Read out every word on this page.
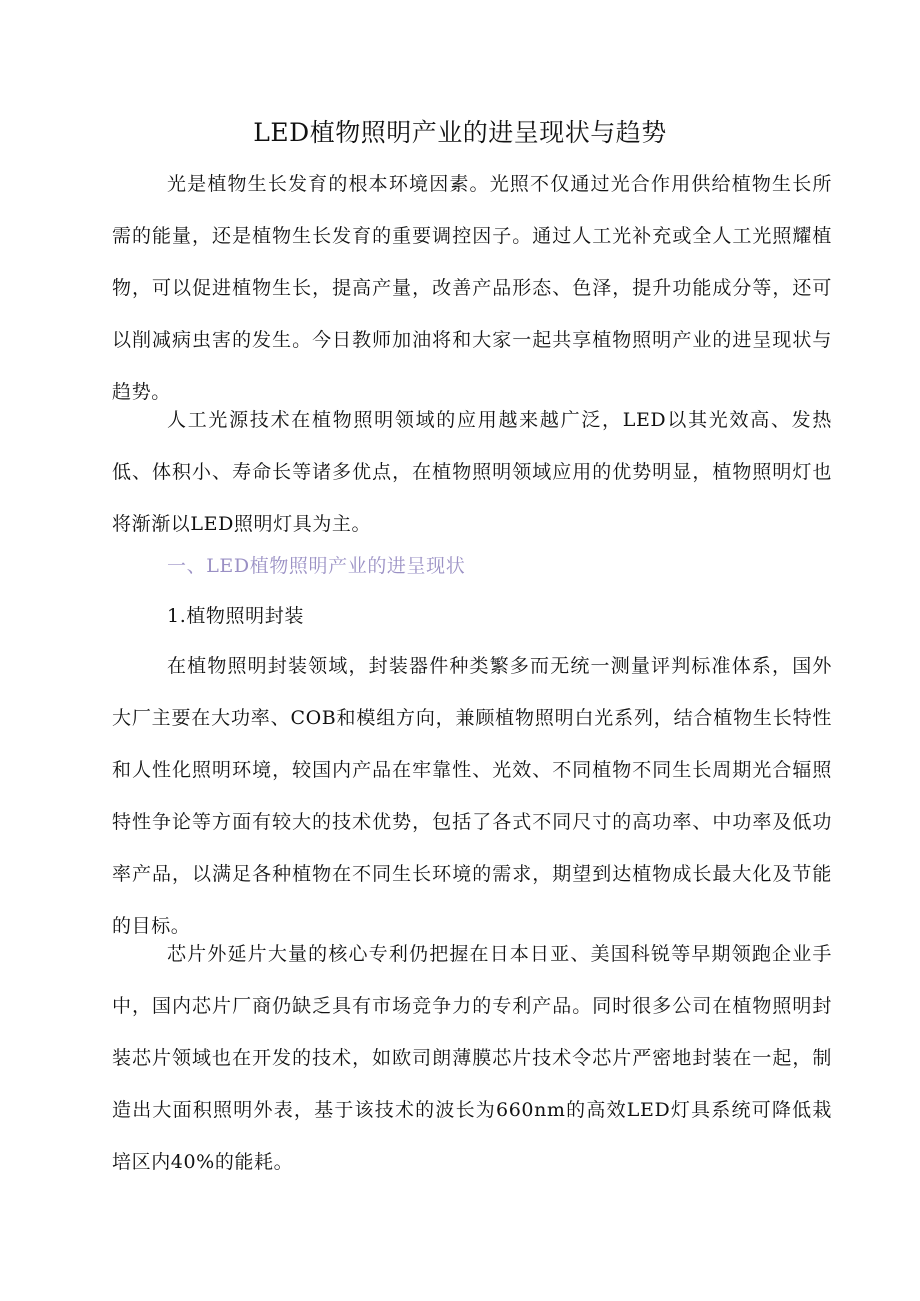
LED植物照明产业的进呈现状与趋势

光是植物生长发育的根本环境因素。光照不仅通过光合作用供给植物生长所需的能量，还是植物生长发育的重要调控因子。通过人工光补充或全人工光照耀植物，可以促进植物生长，提高产量，改善产品形态、色泽，提升功能成分等，还可以削减病虫害的发生。今日教师加油将和大家一起共享植物照明产业的进呈现状与趋势。

人工光源技术在植物照明领域的应用越来越广泛，LED以其光效高、发热低、体积小、寿命长等诸多优点，在植物照明领域应用的优势明显，植物照明灯也将渐渐以LED照明灯具为主。

一、LED植物照明产业的进呈现状

1.植物照明封装

在植物照明封装领域，封装器件种类繁多而无统一测量评判标准体系，国外大厂主要在大功率、COB和模组方向，兼顾植物照明白光系列，结合植物生长特性和人性化照明环境，较国内产品在牢靠性、光效、不同植物不同生长周期光合辐照特性争论等方面有较大的技术优势，包括了各式不同尺寸的高功率、中功率及低功率产品，以满足各种植物在不同生长环境的需求，期望到达植物成长最大化及节能的目标。

芯片外延片大量的核心专利仍把握在日本日亚、美国科锐等早期领跑企业手中，国内芯片厂商仍缺乏具有市场竞争力的专利产品。同时很多公司在植物照明封装芯片领域也在开发的技术，如欧司朗薄膜芯片技术令芯片严密地封装在一起，制造出大面积照明外表，基于该技术的波长为660nm的高效LED灯具系统可降低栽培区内40%的能耗。
